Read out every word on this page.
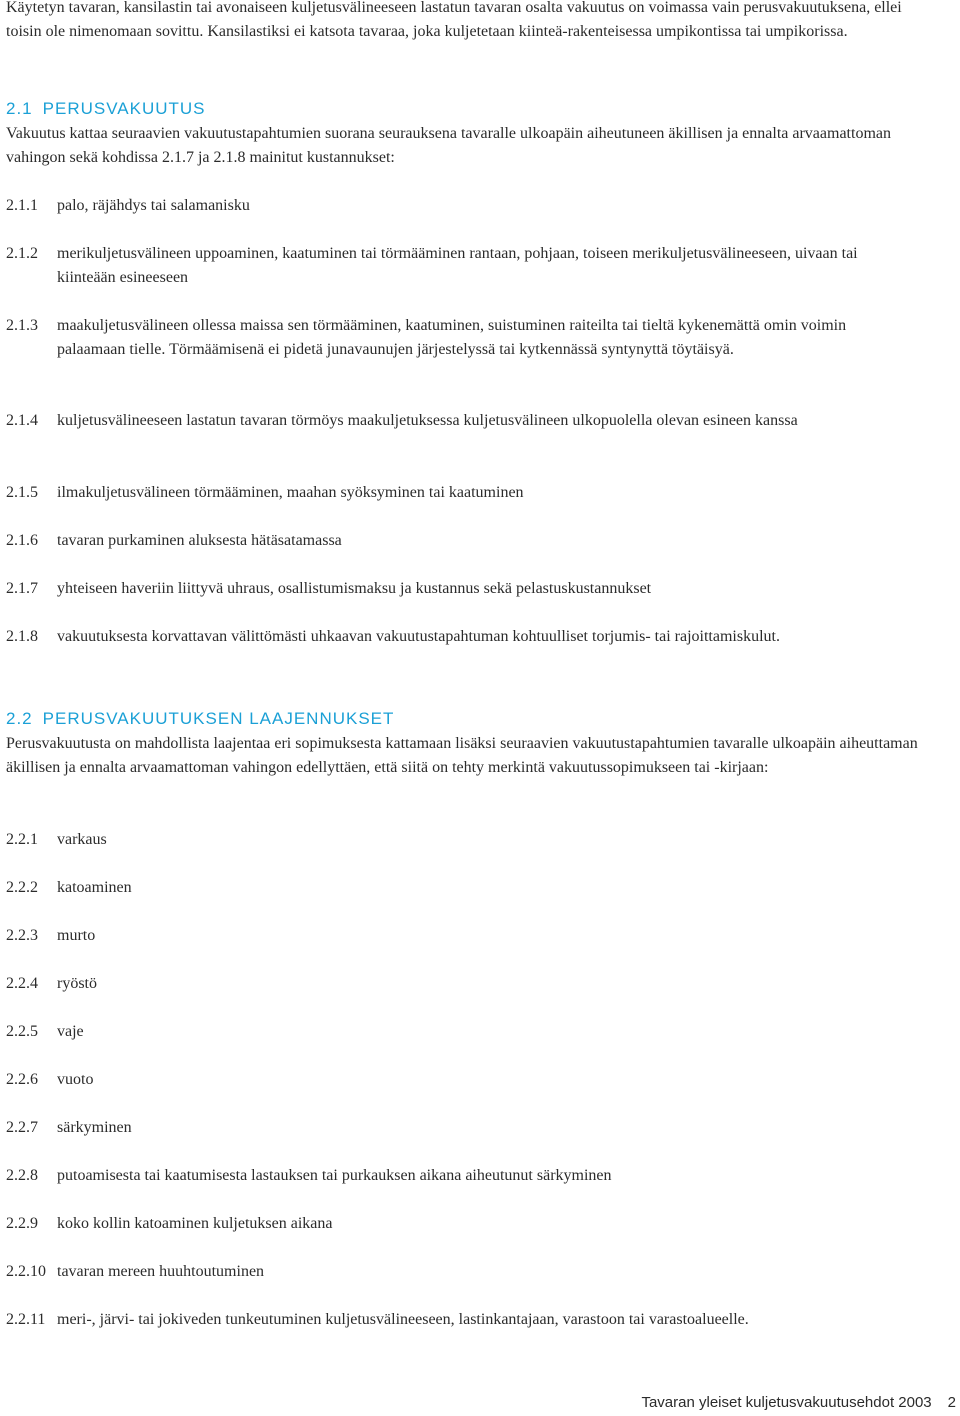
Käytetyn tavaran, kansilastin tai avonaiseen kuljetusvälineeseen lastatun tavaran osalta vakuutus on voimassa vain perusvakuutuksena, ellei toisin ole nimenomaan sovittu. Kansilastiksi ei katsota tavaraa, joka kuljetetaan kiinteä-rakenteisessa umpikontissa tai umpikorissa.

2.1 PERUSVAKUUTUS

Vakuutus kattaa seuraavien vakuutustapahtumien suorana seurauksena tavaralle ulkoapäin aiheutuneen äkillisen ja ennalta arvaamattoman vahingon sekä kohdissa 2.1.7 ja 2.1.8 mainitut kustannukset:

2.1.1	palo, räjähdys tai salamanisku
2.1.2	merikuljetusvälineen uppoaminen, kaatuminen tai törmääminen rantaan, pohjaan, toiseen merikuljetusvälineeseen, uivaan tai kiinteään esineeseen
2.1.3	maakuljetusvälineen ollessa maissa sen törmääminen, kaatuminen, suistuminen raiteilta tai tieltä kykenemättä omin voimin palaamaan tielle. Törmäämisenä ei pidetä junavaunujen järjestelyssä tai kytkennässä syntynyttä töytäisyä.
2.1.4	kuljetusvälineeseen lastatun tavaran törmöys maakuljetuksessa kuljetusvälineen ulkopuolella olevan esineen kanssa
2.1.5	ilmakuljetusvälineen törmääminen, maahan syöksyminen tai kaatuminen
2.1.6	tavaran purkaminen aluksesta hätäsatamassa
2.1.7	yhteiseen haveriin liittyvä uhraus, osallistumismaksu ja kustannus sekä pelastuskustannukset
2.1.8	vakuutuksesta korvattavan välittömästi uhkaavan vakuutustapahtuman kohtuulliset torjumis- tai rajoittamiskulut.
2.2 PERUSVAKUUTUKSEN LAAJENNUKSET

Perusvakuutusta on mahdollista laajentaa eri sopimuksesta kattamaan lisäksi seuraavien vakuutustapahtumien tavaralle ulkoapäin aiheuttaman äkillisen ja ennalta arvaamattoman vahingon edellyttäen, että siitä on tehty merkintä vakuutussopimukseen tai -kirjaan:

2.2.1	varkaus
2.2.2	katoaminen
2.2.3	murto
2.2.4	ryöstö
2.2.5	vaje
2.2.6	vuoto
2.2.7	särkyminen
2.2.8	putoamisesta tai kaatumisesta lastauksen tai purkauksen aikana aiheutunut särkyminen
2.2.9	koko kollin katoaminen kuljetuksen aikana
2.2.10 tavaran mereen huuhtoutuminen
2.2.11 meri-, järvi- tai jokiveden tunkeutuminen kuljetusvälineeseen, lastinkantajaan, varastoon tai varastoalueelle.
Tavaran yleiset kuljetusvakuutusehdot 2003 2
